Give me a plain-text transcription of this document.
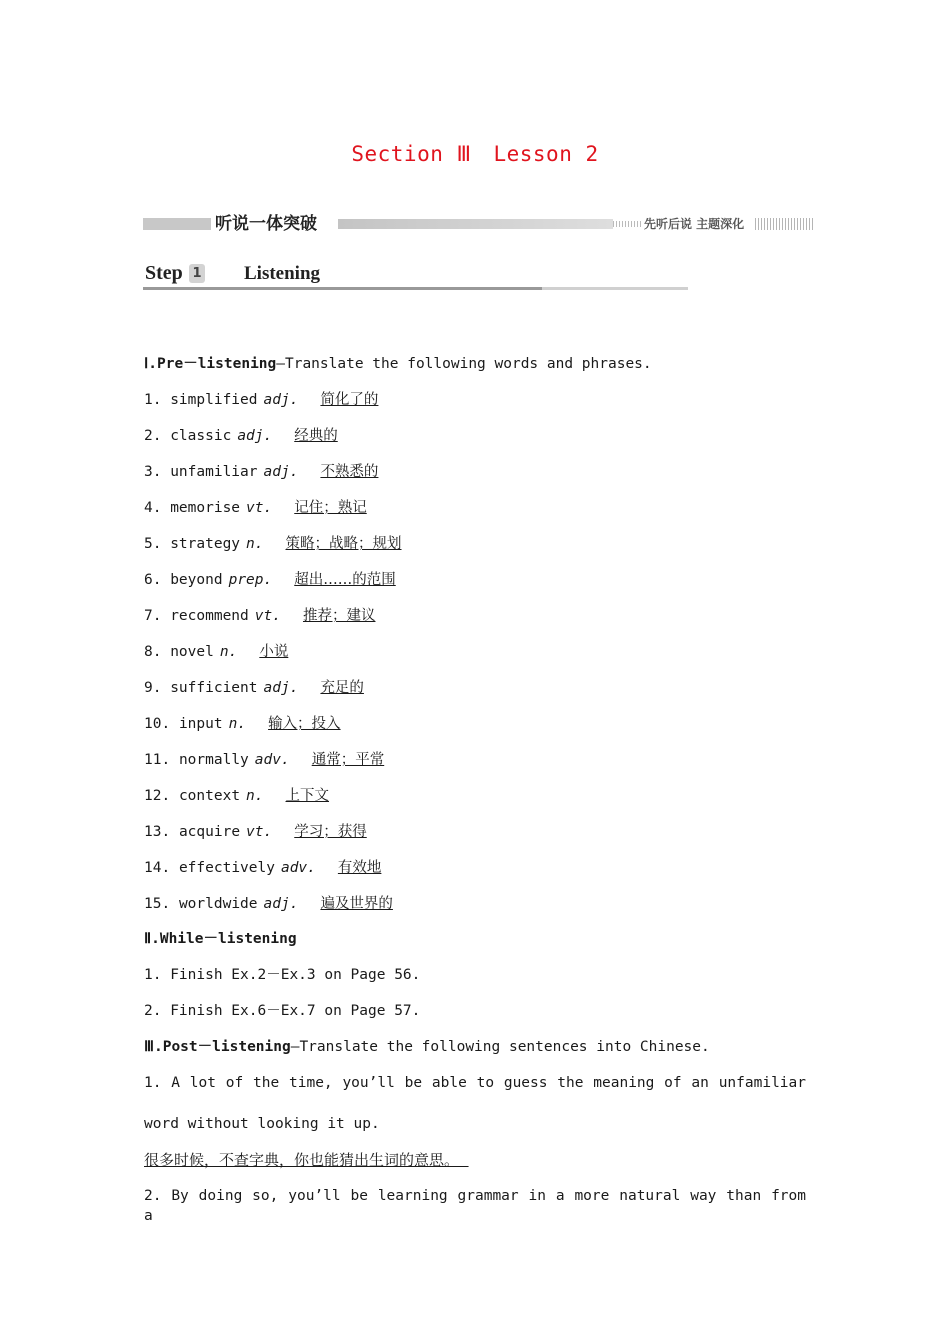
Section Ⅲ Lesson 2
听说一体突破	先听后说 主题深化
Step 1 Listening
Ⅰ.Pre－listening—Translate the following words and phrases.
1. simplified adj. 简化了的
2. classic adj. 经典的
3. unfamiliar adj. 不熟悉的
4. memorise vt. 记住；熟记
5. strategy n. 策略；战略；规划
6. beyond prep. 超出……的范围
7. recommend vt. 推荐；建议
8. novel n. 小说
9. sufficient adj. 充足的
10. input n. 输入；投入
11. normally adv. 通常；平常
12. context n. 上下文
13. acquire vt. 学习；获得
14. effectively adv. 有效地
15. worldwide adj. 遍及世界的
Ⅱ.While－listening
1. Finish Ex.2－Ex.3 on Page 56.
2. Finish Ex.6－Ex.7 on Page 57.
Ⅲ.Post－listening—Translate the following sentences into Chinese.
1. A lot of the time, you’ll be able to guess the meaning of an unfamiliar
word without looking it up.
很多时候，不查字典，你也能猜出生词的意思。
2. By doing so, you’ll be learning grammar in a more natural way than from a
